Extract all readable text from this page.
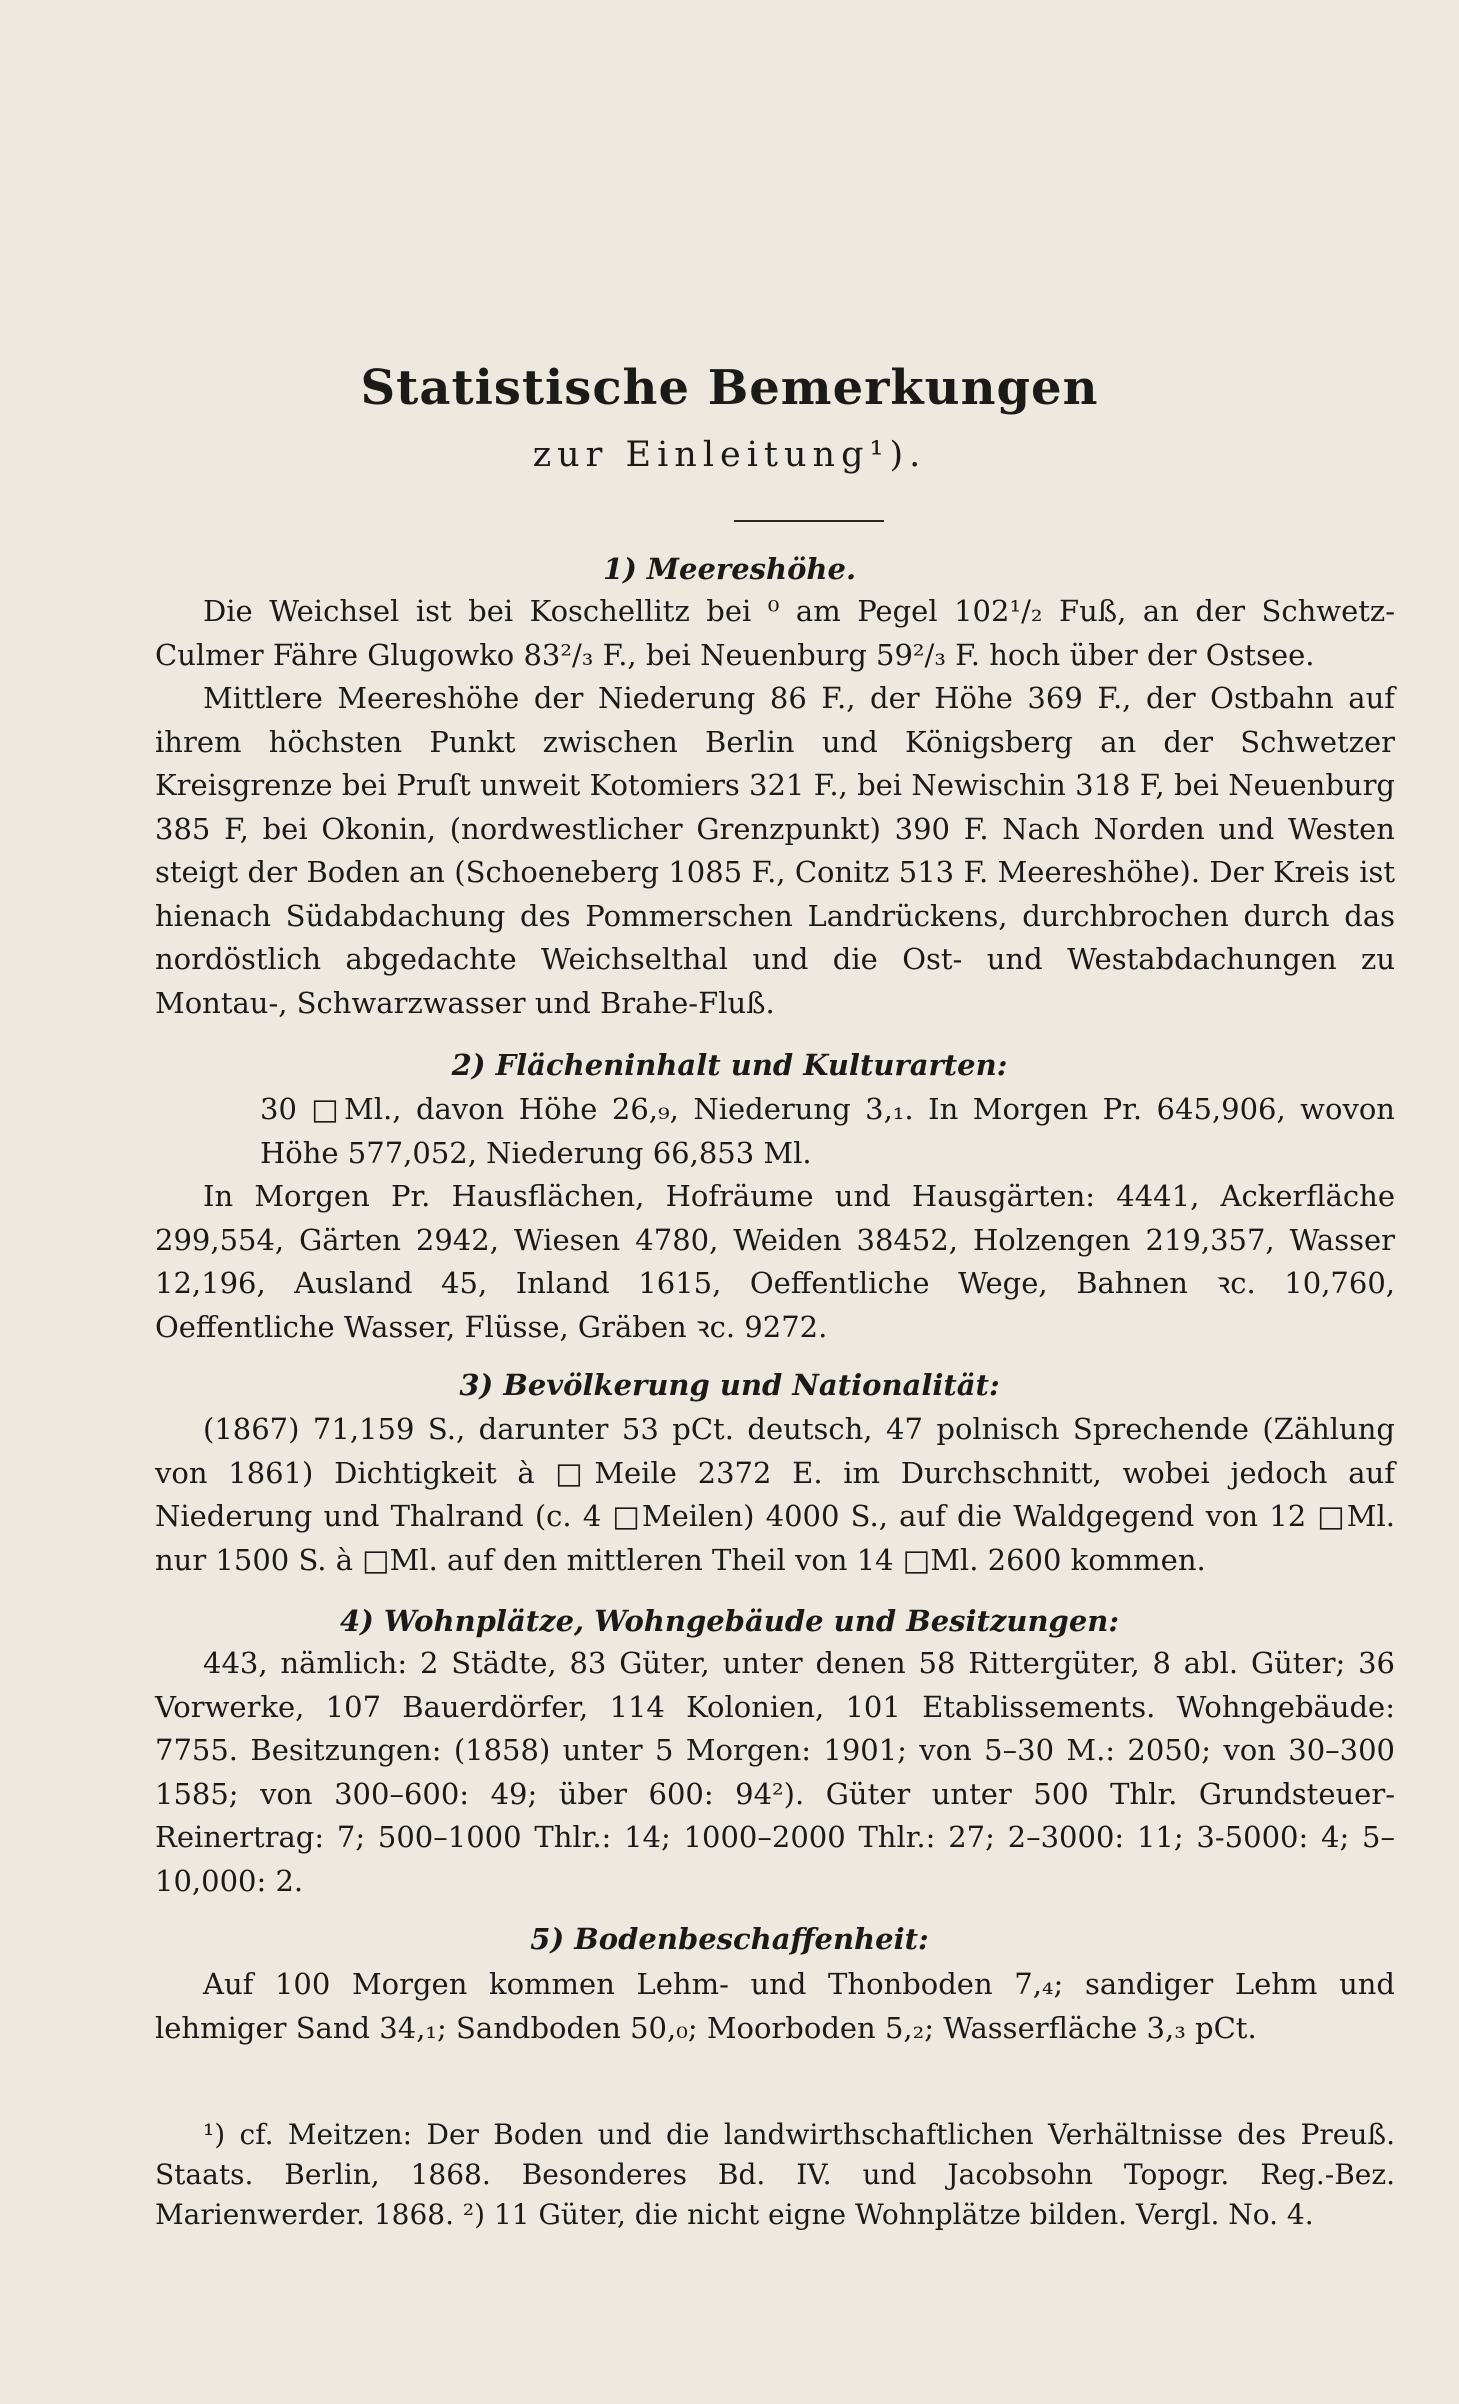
Statistische Bemerkungen
zur Einleitung¹).
1) Meereshöhe.

Die Weichsel ist bei Koschellitz bei ⁰ am Pegel 102¹/₂ Fuß, an der Schwetz-Culmer Fähre Glugowko 83²/₃ F., bei Neuenburg 59²/₃ F. hoch über der Ostsee.

Mittlere Meereshöhe der Niederung 86 F., der Höhe 369 F., der Ostbahn auf ihrem höchsten Punkt zwischen Berlin und Königsberg an der Schwetzer Kreisgrenze bei Pruſt unweit Kotomiers 321 F., bei Newischin 318 F, bei Neuenburg 385 F, bei Okonin, (nordwestlicher Grenzpunkt) 390 F. Nach Norden und Westen steigt der Boden an (Schoeneberg 1085 F., Conitz 513 F. Meereshöhe). Der Kreis ist hienach Südabdachung des Pommerschen Landrückens, durchbrochen durch das nordöstlich abgedachte Weichselthal und die Ost- und Westabdachungen zu Montau-, Schwarzwasser und Brahe-Fluß.

2) Flächeninhalt und Kulturarten:

30 □Ml., davon Höhe 26,₉, Niederung 3,₁. In Morgen Pr. 645,906, wovon Höhe 577,052, Niederung 66,853 Ml.

In Morgen Pr. Hausflächen, Hofräume und Hausgärten: 4441, Ackerfläche 299,554, Gärten 2942, Wiesen 4780, Weiden 38452, Holzengen 219,357, Wasser 12,196, Ausland 45, Inland 1615, Oeffentliche Wege, Bahnen ꝛc. 10,760, Oeffentliche Wasser, Flüsse, Gräben ꝛc. 9272.

3) Bevölkerung und Nationalität:

(1867) 71,159 S., darunter 53 pCt. deutsch, 47 polnisch Sprechende (Zählung von 1861) Dichtigkeit à □Meile 2372 E. im Durchschnitt, wobei jedoch auf Niederung und Thalrand (c. 4 □Meilen) 4000 S., auf die Waldgegend von 12 □Ml. nur 1500 S. à □Ml. auf den mittleren Theil von 14 □Ml. 2600 kommen.

4) Wohnplätze, Wohngebäude und Besitzungen:

443, nämlich: 2 Städte, 83 Güter, unter denen 58 Rittergüter, 8 abl. Güter; 36 Vorwerke, 107 Bauerdörfer, 114 Kolonien, 101 Etablissements. Wohngebäude: 7755. Besitzungen: (1858) unter 5 Morgen: 1901; von 5–30 M.: 2050; von 30–300 1585; von 300–600: 49; über 600: 94²). Güter unter 500 Thlr. Grundsteuer-Reinertrag: 7; 500–1000 Thlr.: 14; 1000–2000 Thlr.: 27; 2–3000: 11; 3-5000: 4; 5–10,000: 2.

5) Bodenbeschaffenheit:

Auf 100 Morgen kommen Lehm- und Thonboden 7,₄; sandiger Lehm und lehmiger Sand 34,₁; Sandboden 50,₀; Moorboden 5,₂; Wasserfläche 3,₃ pCt.

¹) cf. Meitzen: Der Boden und die landwirthschaftlichen Verhältnisse des Preuß. Staats. Berlin, 1868. Besonderes Bd. IV. und Jacobsohn Topogr. Reg.-Bez. Marienwerder. 1868. ²) 11 Güter, die nicht eigne Wohnplätze bilden. Vergl. No. 4.
